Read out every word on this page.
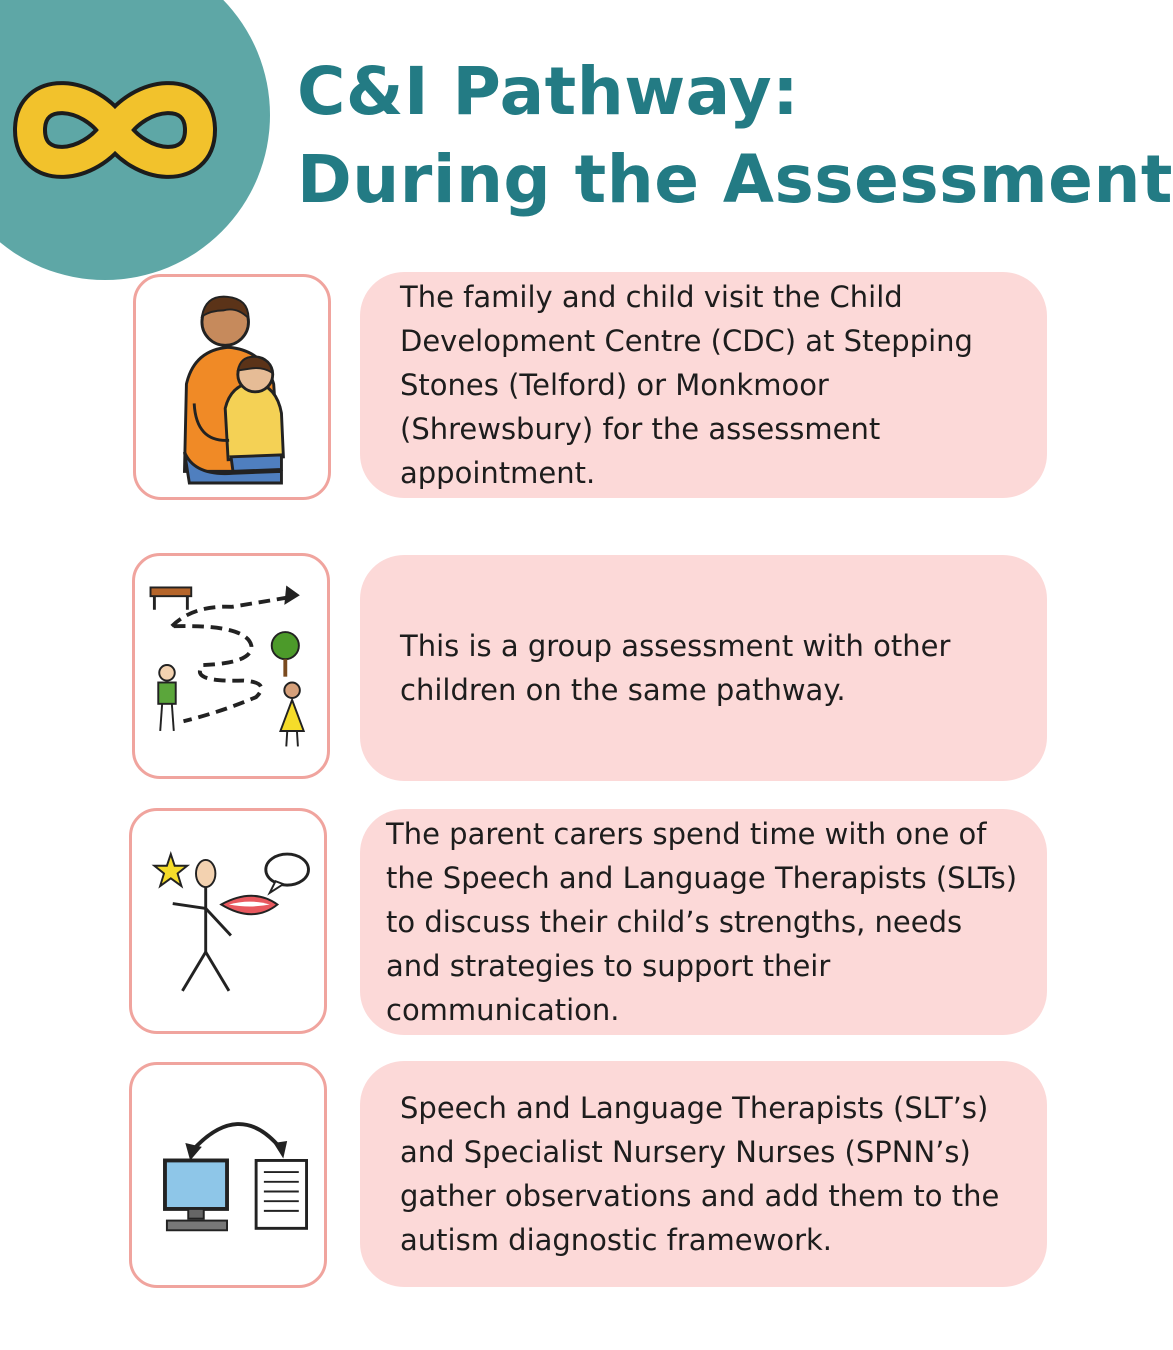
C&I Pathway:
During the Assessment

The family and child visit the Child Development Centre (CDC) at Stepping Stones (Telford) or Monkmoor (Shrewsbury) for the assessment appointment.

This is a group assessment with other children on the same pathway.

The parent carers spend time with one of the Speech and Language Therapists (SLTs) to discuss their child’s strengths, needs and strategies to support their communication.

Speech and Language Therapists (SLT’s) and Specialist Nursery Nurses (SPNN’s) gather observations and add them to the autism diagnostic framework.
